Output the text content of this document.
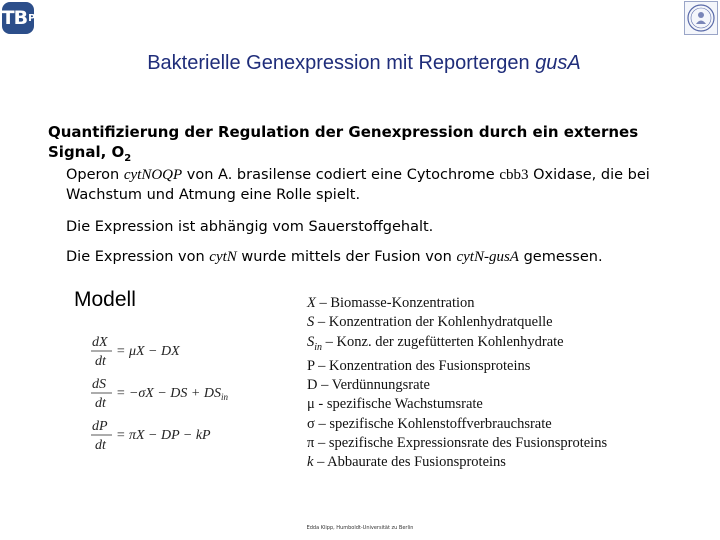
TB P
Bakterielle Genexpression mit Reportergen gusA
Quantifizierung der Regulation der Genexpression durch ein externes Signal, $O_2$
Operon cytNOQP von A. brasilense codiert eine Cytochrome cbb3 Oxidase, die bei Wachstum und Atmung eine Rolle spielt.
Die Expression ist abhängig vom Sauerstoffgehalt.
Die Expression von cytN wurde mittels der Fusion von cytN-gusA gemessen.
Modell
dX
dt
= μX − DX
dS
dt
= −σX − DS + $DS_{in}$
dP
dt
= πX − DP − kP
X – Biomasse-Konzentration
S – Konzentration der Kohlenhydratquelle
$S_{in}$ – Konz. der zugefütterten Kohlenhydrate
P – Konzentration des Fusionsproteins
D – Verdünnungsrate
μ - spezifische Wachstumsrate
σ – spezifische Kohlenstoffverbrauchsrate
π – spezifische Expressionsrate des Fusionsproteins
k – Abbaurate des Fusionsproteins
Edda Klipp, Humboldt-Universität zu Berlin
